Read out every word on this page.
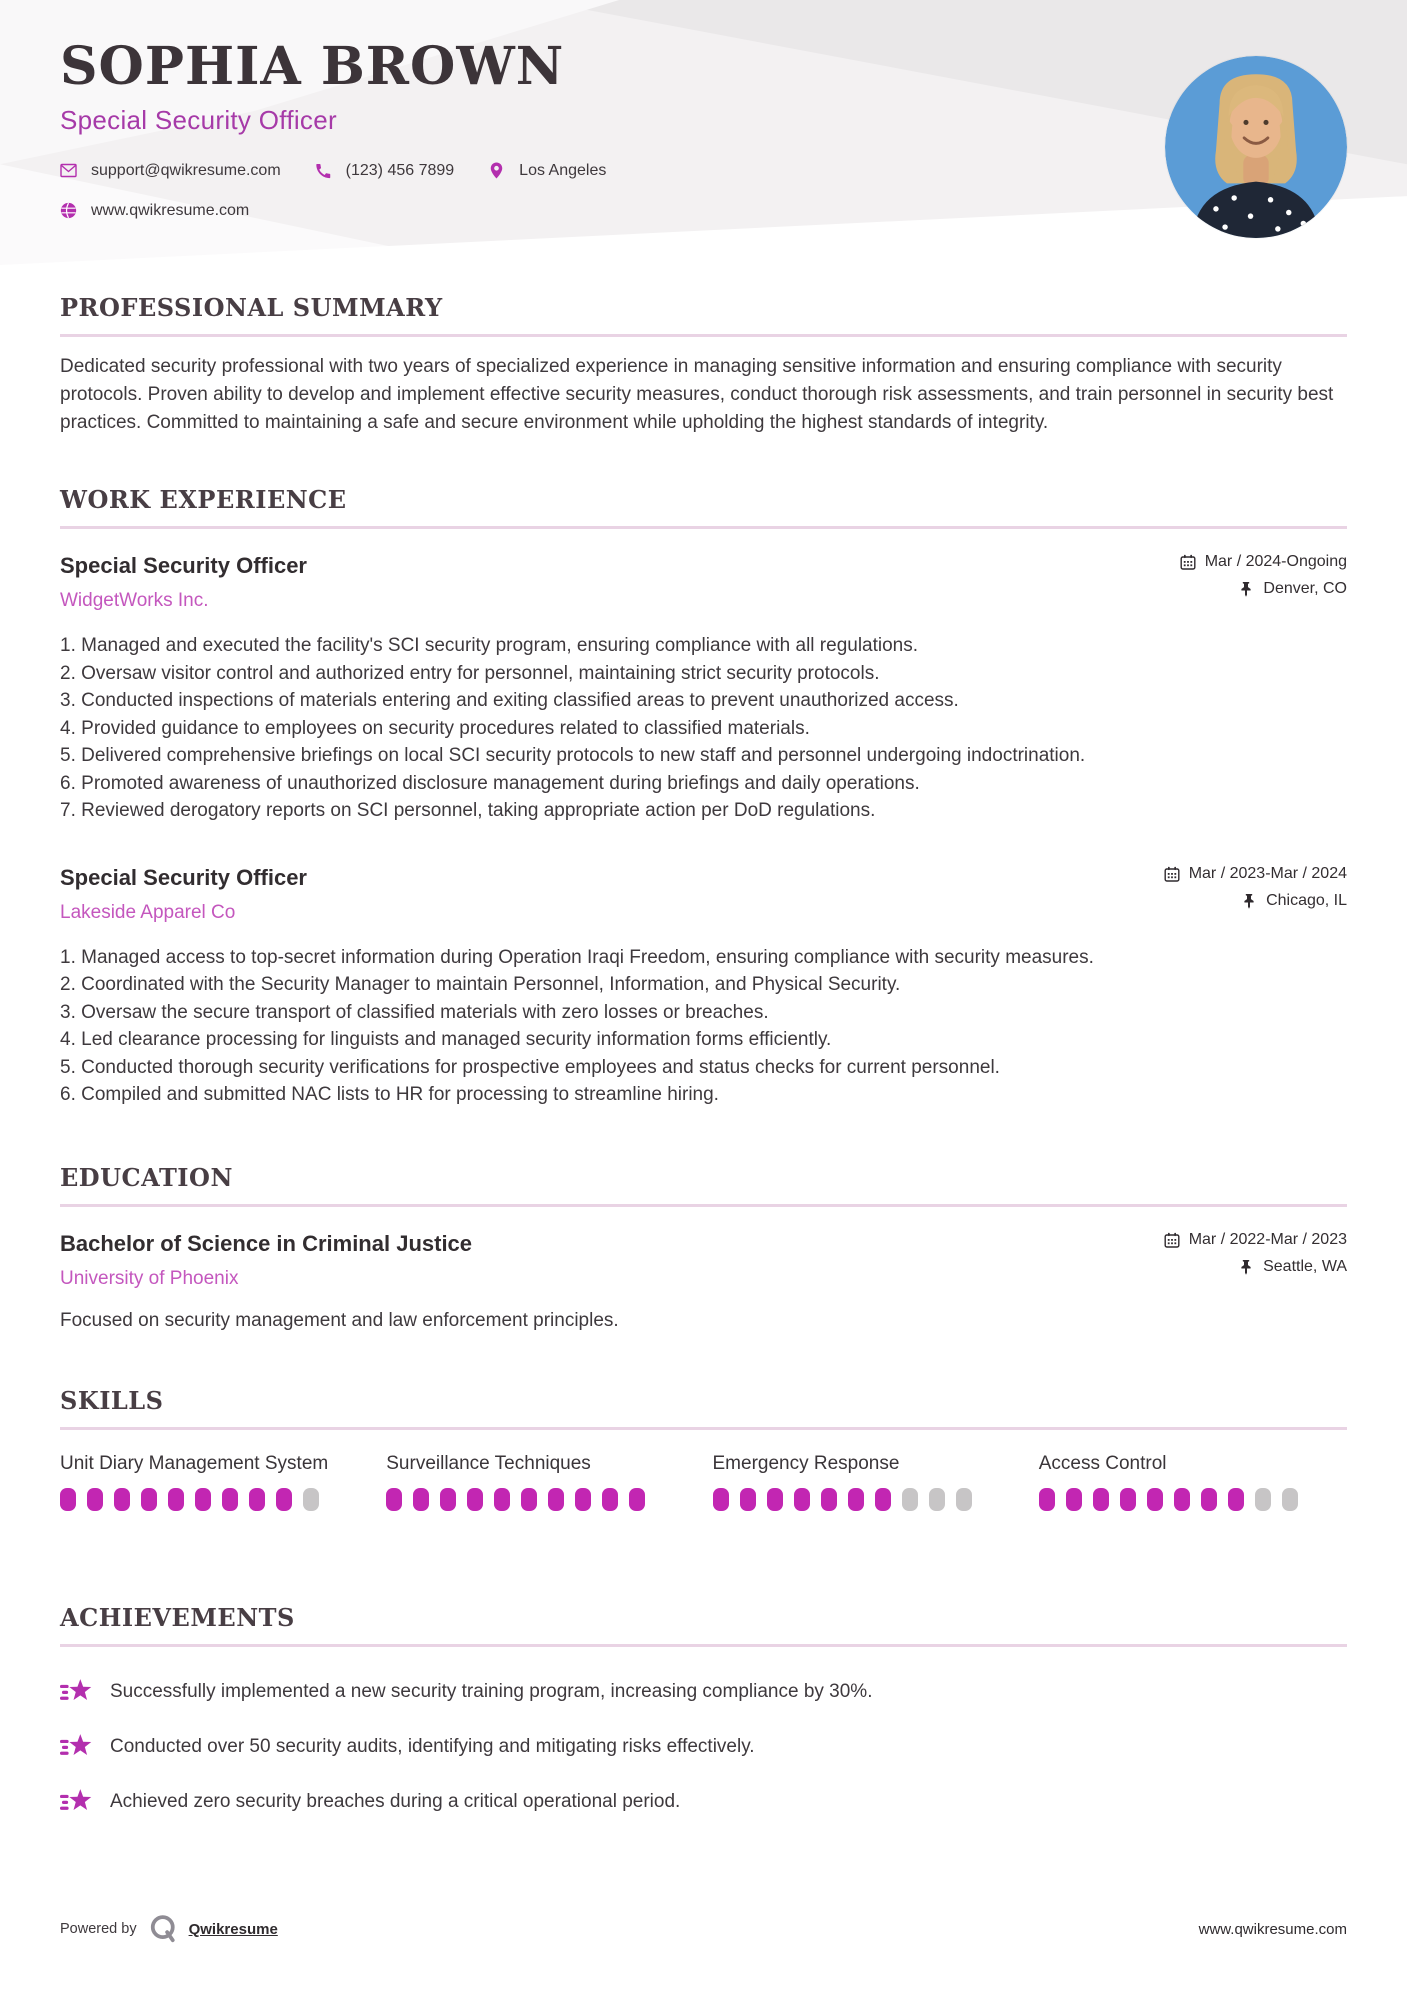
SOPHIA BROWN
Special Security Officer
support@qwikresume.com	(123) 456 7899	Los Angeles
www.qwikresume.com
PROFESSIONAL SUMMARY

Dedicated security professional with two years of specialized experience in managing sensitive information and ensuring compliance with security protocols. Proven ability to develop and implement effective security measures, conduct thorough risk assessments, and train personnel in security best practices. Committed to maintaining a safe and secure environment while upholding the highest standards of integrity.

WORK EXPERIENCE
Special Security Officer
WidgetWorks Inc.
Mar / 2024-Ongoing
Denver, CO
Managed and executed the facility's SCI security program, ensuring compliance with all regulations.
Oversaw visitor control and authorized entry for personnel, maintaining strict security protocols.
Conducted inspections of materials entering and exiting classified areas to prevent unauthorized access.
Provided guidance to employees on security procedures related to classified materials.
Delivered comprehensive briefings on local SCI security protocols to new staff and personnel undergoing indoctrination.
Promoted awareness of unauthorized disclosure management during briefings and daily operations.
Reviewed derogatory reports on SCI personnel, taking appropriate action per DoD regulations.
Special Security Officer
Lakeside Apparel Co
Mar / 2023-Mar / 2024
Chicago, IL
Managed access to top-secret information during Operation Iraqi Freedom, ensuring compliance with security measures.
Coordinated with the Security Manager to maintain Personnel, Information, and Physical Security.
Oversaw the secure transport of classified materials with zero losses or breaches.
Led clearance processing for linguists and managed security information forms efficiently.
Conducted thorough security verifications for prospective employees and status checks for current personnel.
Compiled and submitted NAC lists to HR for processing to streamline hiring.
EDUCATION
Bachelor of Science in Criminal Justice
University of Phoenix
Mar / 2022-Mar / 2023
Seattle, WA

Focused on security management and law enforcement principles.

SKILLS
Unit Diary Management System	Surveillance Techniques	Emergency Response	Access Control
ACHIEVEMENTS
Successfully implemented a new security training program, increasing compliance by 30%.
Conducted over 50 security audits, identifying and mitigating risks effectively.
Achieved zero security breaches during a critical operational period.
Powered by	Qwikresume	www.qwikresume.com
